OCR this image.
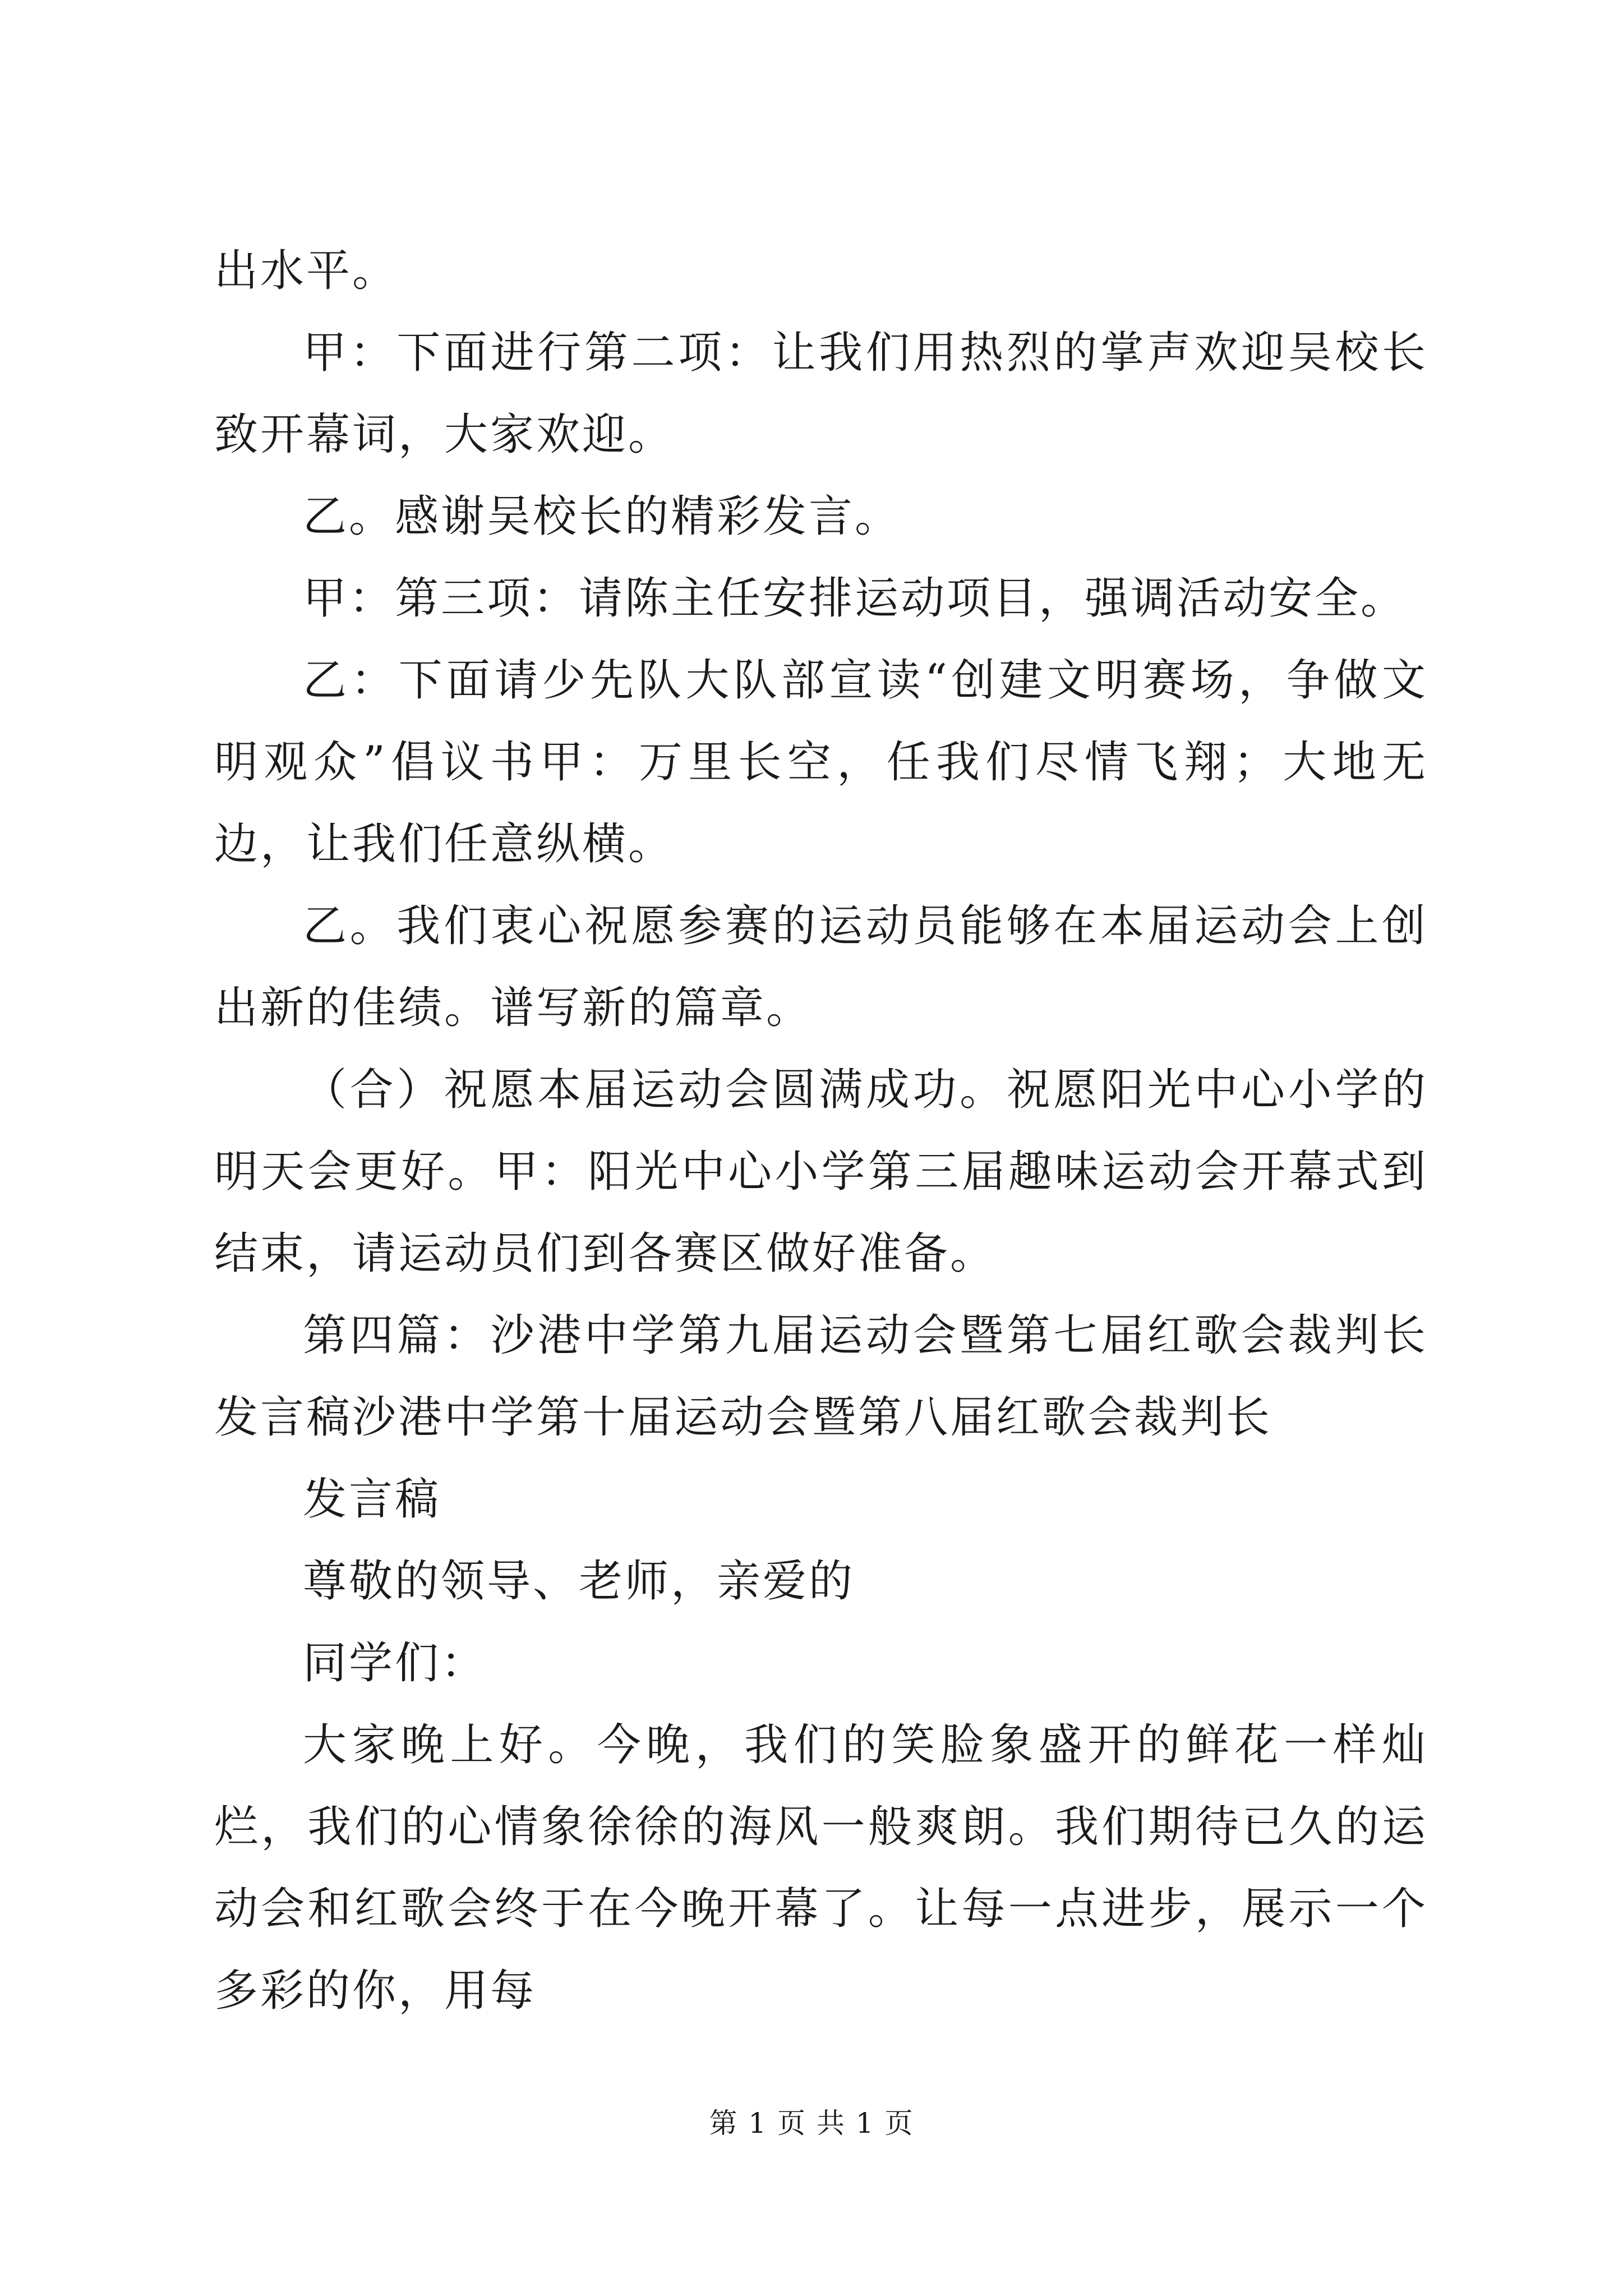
出水平。

甲：下面进行第二项：让我们用热烈的掌声欢迎吴校长致开幕词，大家欢迎。

乙。感谢吴校长的精彩发言。

甲：第三项：请陈主任安排运动项目，强调活动安全。

乙：下面请少先队大队部宣读“创建文明赛场，争做文明观众”倡议书甲：万里长空，任我们尽情飞翔；大地无边，让我们任意纵横。

乙。我们衷心祝愿参赛的运动员能够在本届运动会上创出新的佳绩。谱写新的篇章。

（合）祝愿本届运动会圆满成功。祝愿阳光中心小学的明天会更好。甲：阳光中心小学第三届趣味运动会开幕式到结束，请运动员们到各赛区做好准备。

第四篇：沙港中学第九届运动会暨第七届红歌会裁判长发言稿沙港中学第十届运动会暨第八届红歌会裁判长

发言稿

尊敬的领导、老师，亲爱的

同学们：

大家晚上好。今晚，我们的笑脸象盛开的鲜花一样灿烂，我们的心情象徐徐的海风一般爽朗。我们期待已久的运动会和红歌会终于在今晚开幕了。让每一点进步，展示一个多彩的你，用每

第 1 页 共 1 页
